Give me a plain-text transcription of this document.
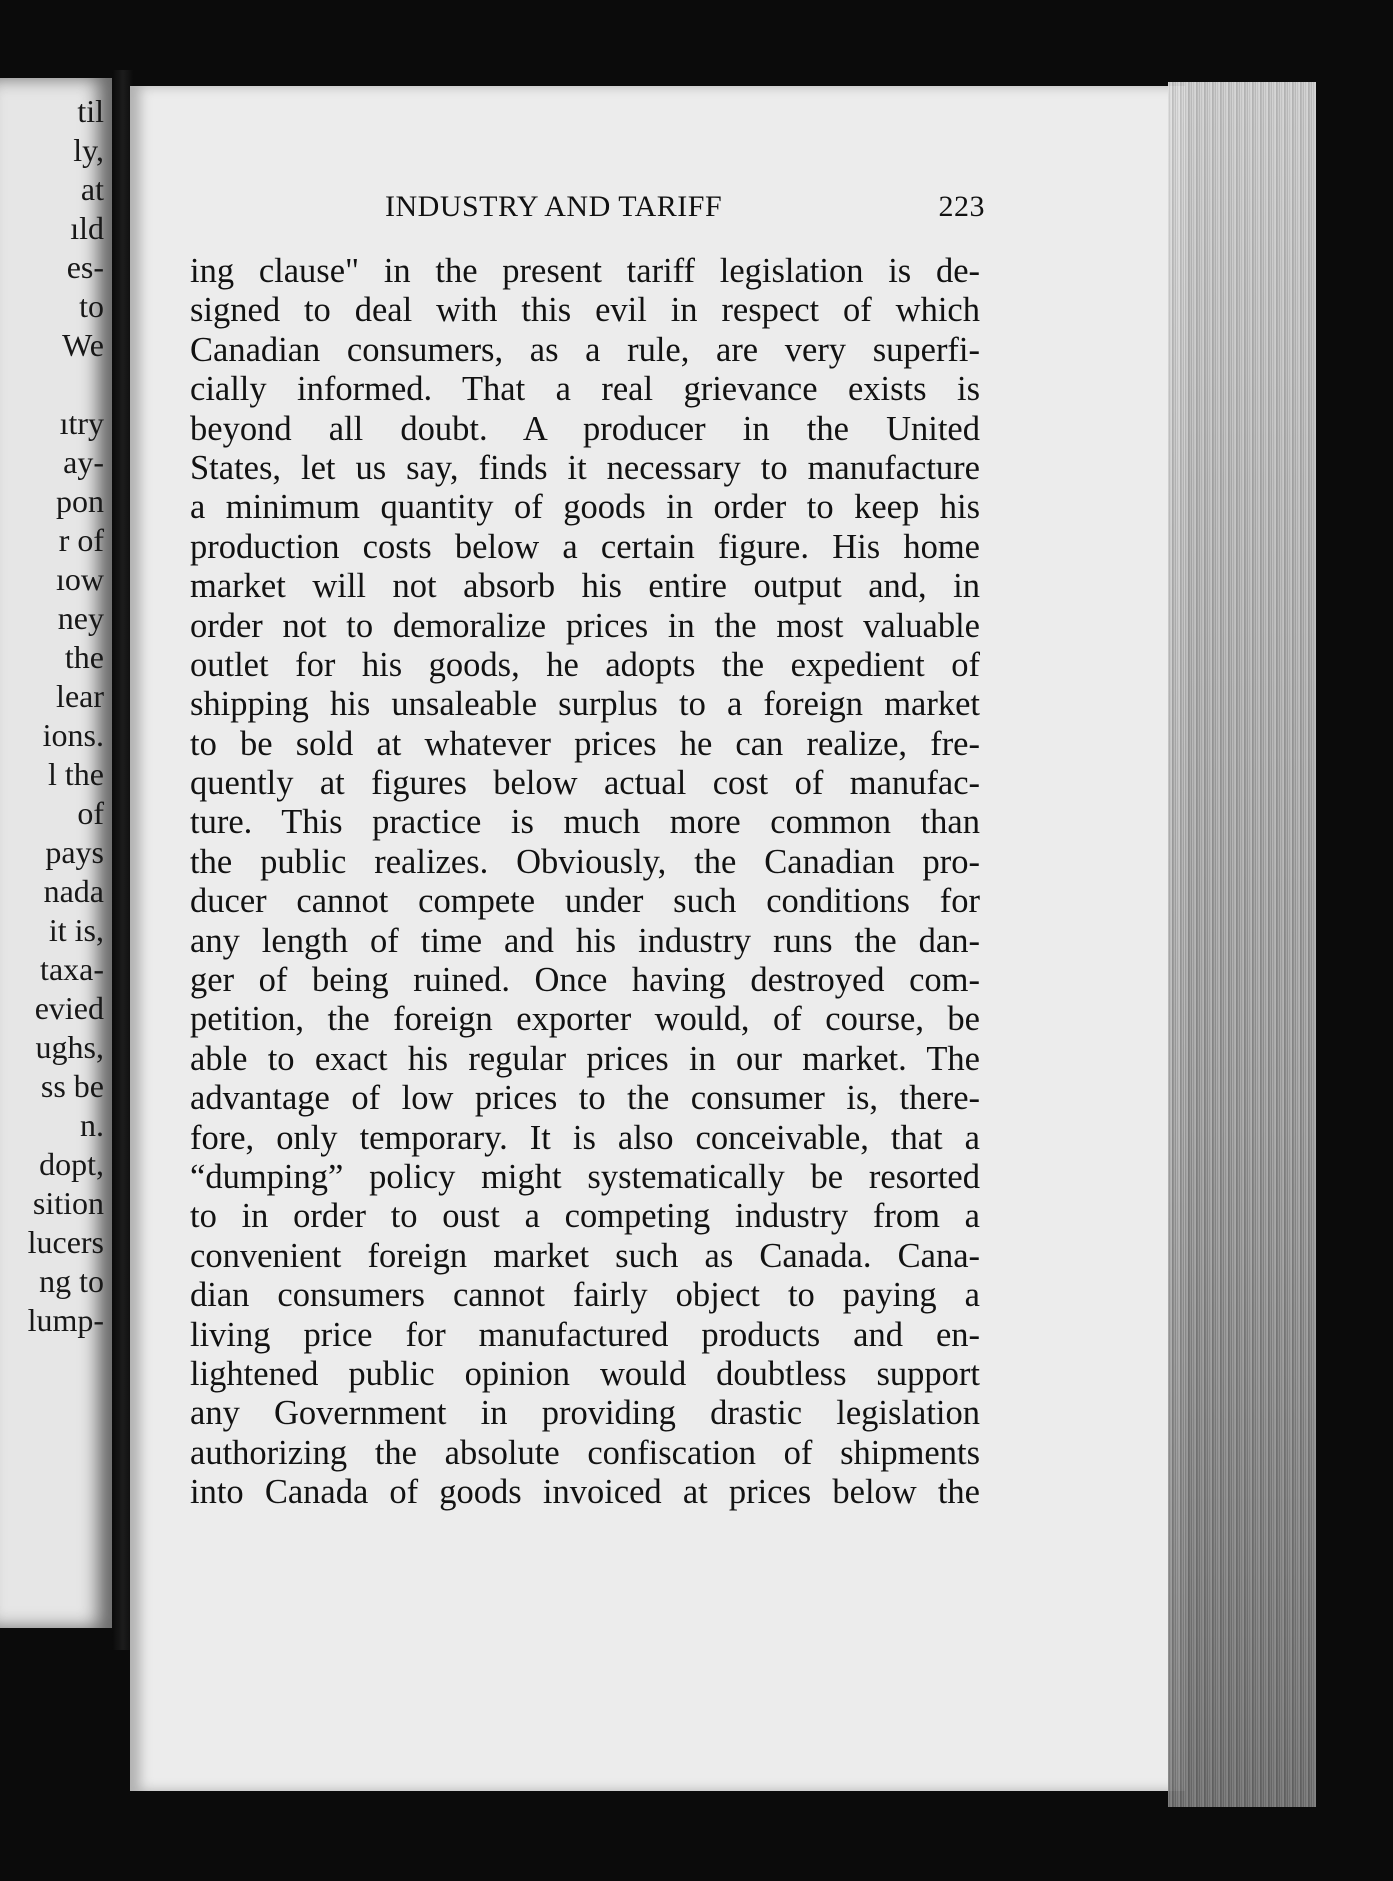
til
ly,
at
ıld
es-
to
We
ıtry
ay-
pon
r of
ıow
ney
the
lear
ions.
l the
of
pays
nada
it is,
taxa-
evied
ughs,
ss be
n.
dopt,
sition
lucers
ng to
lump-
INDUSTRY AND TARIFF	223
ing clause" in the present tariff legislation is de-
signed to deal with this evil in respect of which
Canadian consumers, as a rule, are very superfi-
cially informed. That a real grievance exists is
beyond all doubt. A producer in the United
States, let us say, finds it necessary to manufacture
a minimum quantity of goods in order to keep his
production costs below a certain figure. His home
market will not absorb his entire output and, in
order not to demoralize prices in the most valuable
outlet for his goods, he adopts the expedient of
shipping his unsaleable surplus to a foreign market
to be sold at whatever prices he can realize, fre-
quently at figures below actual cost of manufac-
ture. This practice is much more common than
the public realizes. Obviously, the Canadian pro-
ducer cannot compete under such conditions for
any length of time and his industry runs the dan-
ger of being ruined. Once having destroyed com-
petition, the foreign exporter would, of course, be
able to exact his regular prices in our market. The
advantage of low prices to the consumer is, there-
fore, only temporary. It is also conceivable, that a
“dumping” policy might systematically be resorted
to in order to oust a competing industry from a
convenient foreign market such as Canada. Cana-
dian consumers cannot fairly object to paying a
living price for manufactured products and en-
lightened public opinion would doubtless support
any Government in providing drastic legislation
authorizing the absolute confiscation of shipments
into Canada of goods invoiced at prices below the
